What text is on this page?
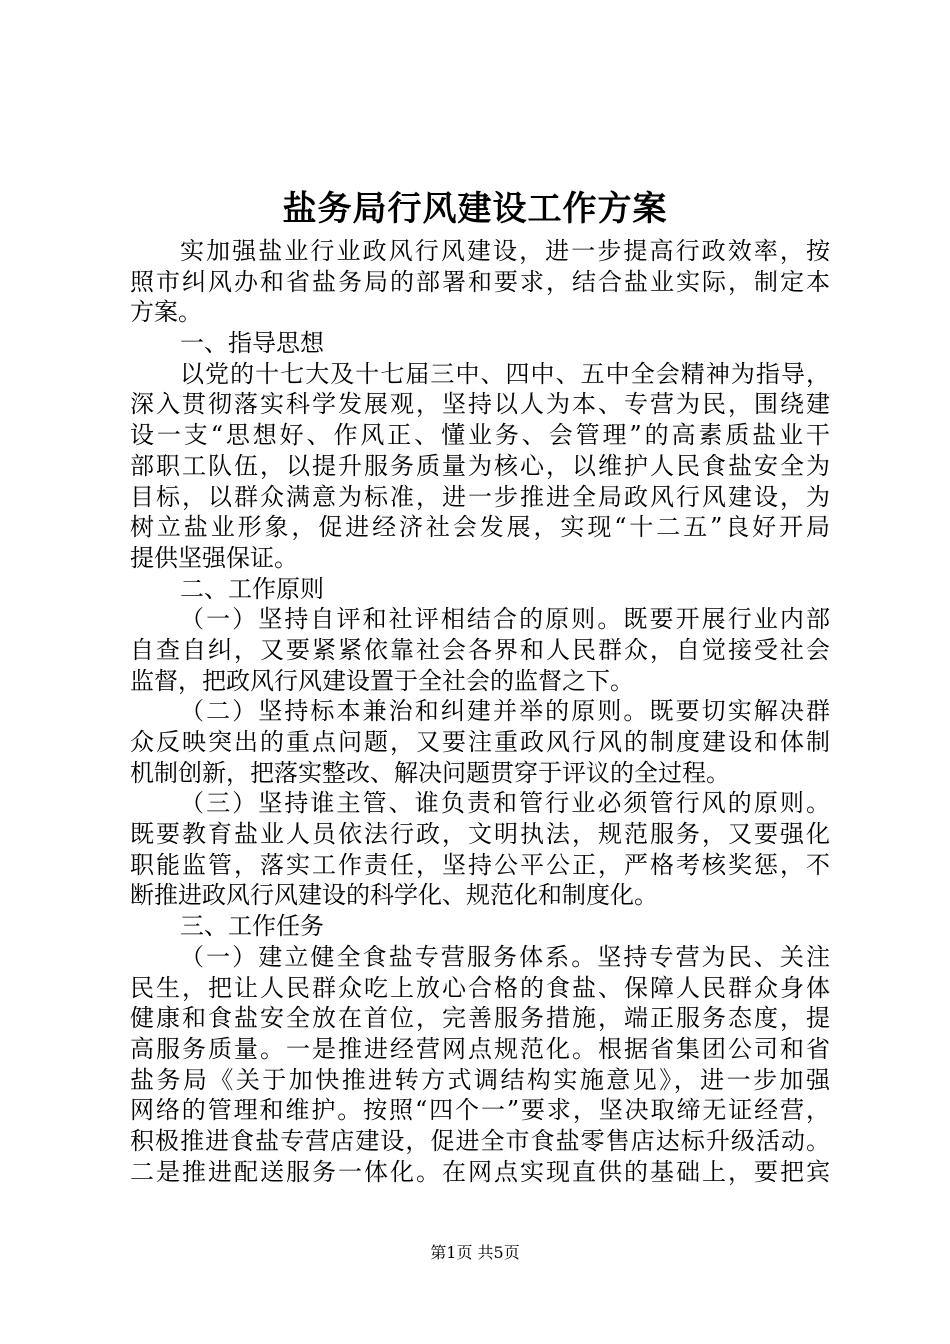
盐务局行风建设工作方案
实加强盐业行业政风行风建设，进一步提高行政效率，按
照市纠风办和省盐务局的部署和要求，结合盐业实际，制定本
方案。
一、指导思想
以党的十七大及十七届三中、四中、五中全会精神为指导，
深入贯彻落实科学发展观，坚持以人为本、专营为民，围绕建
设一支“思想好、作风正、懂业务、会管理”的高素质盐业干
部职工队伍，以提升服务质量为核心，以维护人民食盐安全为
目标，以群众满意为标准，进一步推进全局政风行风建设，为
树立盐业形象，促进经济社会发展，实现“十二五”良好开局
提供坚强保证。
二、工作原则
（一）坚持自评和社评相结合的原则。既要开展行业内部
自查自纠，又要紧紧依靠社会各界和人民群众，自觉接受社会
监督，把政风行风建设置于全社会的监督之下。
（二）坚持标本兼治和纠建并举的原则。既要切实解决群
众反映突出的重点问题，又要注重政风行风的制度建设和体制
机制创新，把落实整改、解决问题贯穿于评议的全过程。
（三）坚持谁主管、谁负责和管行业必须管行风的原则。
既要教育盐业人员依法行政，文明执法，规范服务，又要强化
职能监管，落实工作责任，坚持公平公正，严格考核奖惩，不
断推进政风行风建设的科学化、规范化和制度化。
三、工作任务
（一）建立健全食盐专营服务体系。坚持专营为民、关注
民生，把让人民群众吃上放心合格的食盐、保障人民群众身体
健康和食盐安全放在首位，完善服务措施，端正服务态度，提
高服务质量。一是推进经营网点规范化。根据省集团公司和省
盐务局《关于加快推进转方式调结构实施意见》，进一步加强
网络的管理和维护。按照“四个一”要求，坚决取缔无证经营，
积极推进食盐专营店建设，促进全市食盐零售店达标升级活动。
二是推进配送服务一体化。在网点实现直供的基础上，要把宾
第1页 共5页
